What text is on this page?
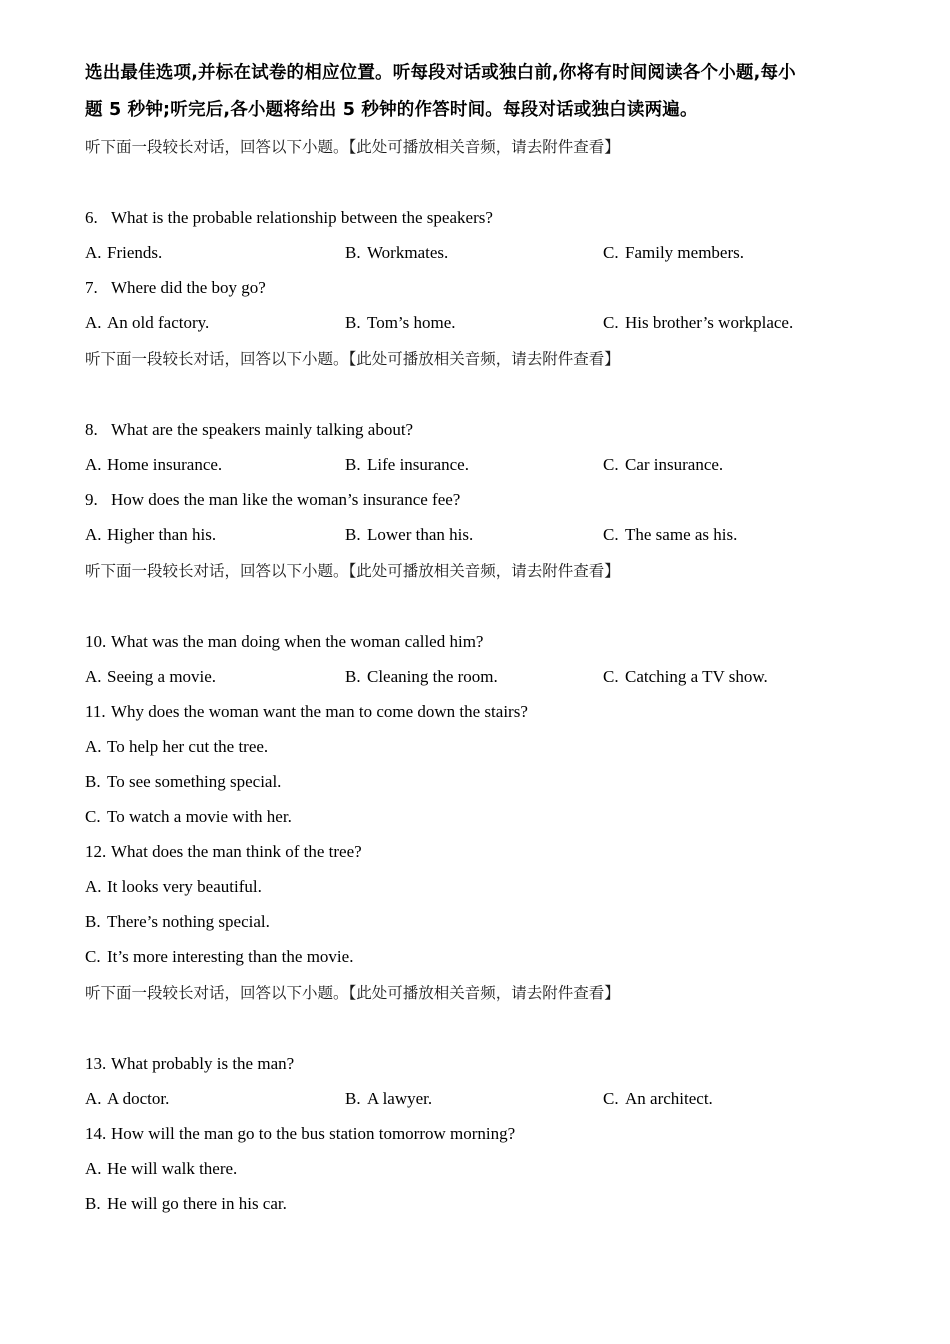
选出最佳选项,并标在试卷的相应位置。听每段对话或独白前,你将有时间阅读各个小题,每小
题 5 秒钟;听完后,各小题将给出 5 秒钟的作答时间。每段对话或独白读两遍。
听下面一段较长对话，回答以下小题。【此处可播放相关音频，请去附件查看】
6. What is the probable relationship between the speakers?
A. Friends.	B. Workmates.	C. Family members.
7. Where did the boy go?
A. An old factory.	B. Tom’s home.	C. His brother’s workplace.
听下面一段较长对话，回答以下小题。【此处可播放相关音频，请去附件查看】
8. What are the speakers mainly talking about?
A. Home insurance.	B. Life insurance.	C. Car insurance.
9. How does the man like the woman’s insurance fee?
A. Higher than his.	B. Lower than his.	C. The same as his.
听下面一段较长对话，回答以下小题。【此处可播放相关音频，请去附件查看】
10. What was the man doing when the woman called him?
A. Seeing a movie.	B. Cleaning the room.	C. Catching a TV show.
11. Why does the woman want the man to come down the stairs?
A. To help her cut the tree.
B. To see something special.
C. To watch a movie with her.
12. What does the man think of the tree?
A. It looks very beautiful.
B. There’s nothing special.
C. It’s more interesting than the movie.
听下面一段较长对话，回答以下小题。【此处可播放相关音频，请去附件查看】
13. What probably is the man?
A. A doctor.	B. A lawyer.	C. An architect.
14. How will the man go to the bus station tomorrow morning?
A. He will walk there.
B. He will go there in his car.
